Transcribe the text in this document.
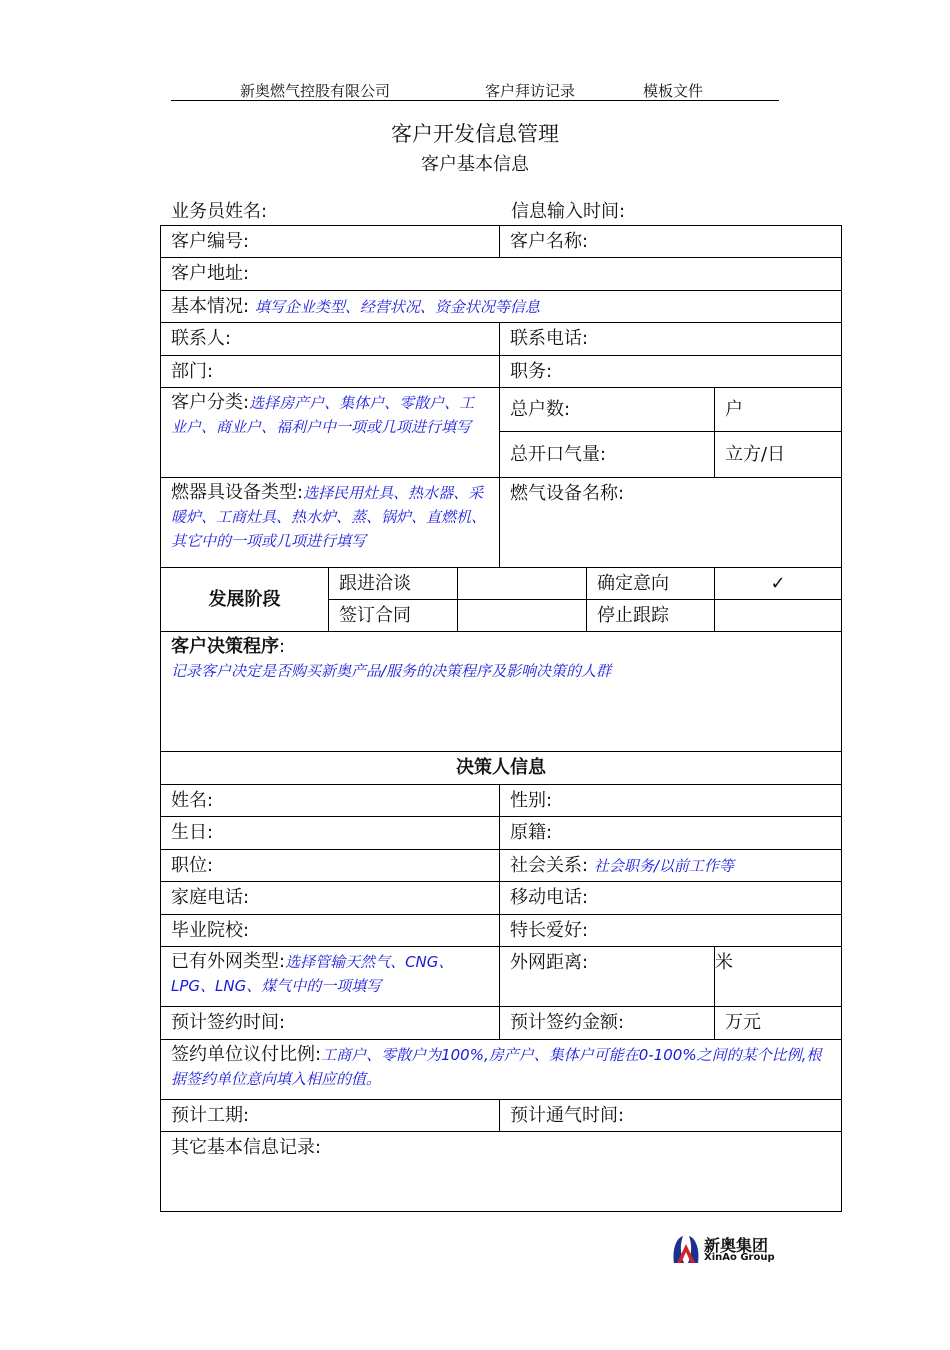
新奥燃气控股有限公司	客户拜访记录	模板文件
客户开发信息管理
客户基本信息
业务员姓名:	信息输入时间:
客户编号:			客户名称:		
客户地址:					
基本情况: 填写企业类型、经营状况、资金状况等信息					
联系人:			联系电话:		
部门:			职务:		
客户分类:选择房产户、集体户、零散户、工业户、商业户、福利户中一项或几项进行填写			总户数:		户
			总开口气量:		立方/日
燃器具设备类型:选择民用灶具、热水器、采暖炉、工商灶具、热水炉、蒸、锅炉、直燃机、其它中的一项或几项进行填写			燃气设备名称:		
发展阶段	跟进洽谈			确定意向	✓
	签订合同			停止跟踪	
客户决策程序:
记录客户决定是否购买新奥产品/服务的决策程序及影响决策的人群					
决策人信息					
姓名:			性别:		
生日:			原籍:		
职位:			社会关系: 社会职务/以前工作等		
家庭电话:			移动电话:		
毕业院校:			特长爱好:		
已有外网类型:选择管输天然气、CNG、LPG、LNG、煤气中的一项填写			外网距离:		米
预计签约时间:			预计签约金额:		万元
签约单位议付比例:工商户、零散户为100%,房产户、集体户可能在0-100%之间的某个比例,根据签约单位意向填入相应的值。					
预计工期:			预计通气时间:		
其它基本信息记录:					
新奥集团
XinAo Group
